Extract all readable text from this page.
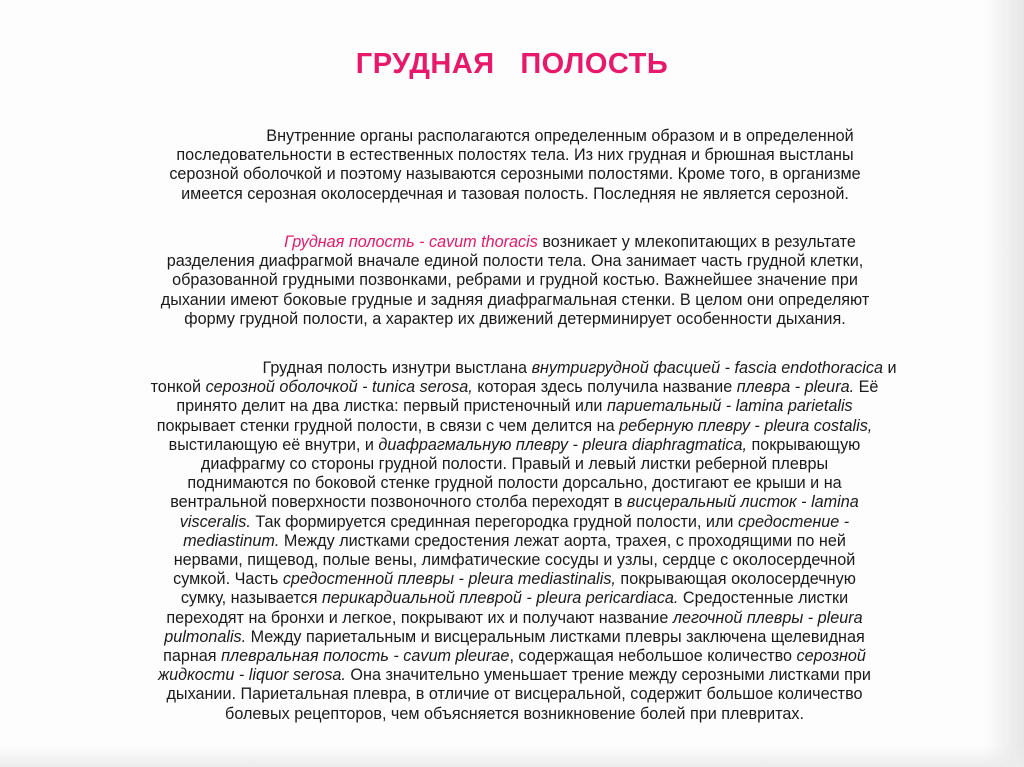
ГРУДНАЯ   ПОЛОСТЬ
Внутренние органы располагаются определенным образом и в определенной
последовательности в естественных полостях тела. Из них грудная и брюшная выстланы
серозной оболочкой и поэтому называются серозными полостями. Кроме того, в организме
имеется серозная околосердечная и тазовая полость. Последняя не является серозной.
Грудная полость - cavum thoracis возникает у млекопитающих в результате
разделения диафрагмой вначале единой полости тела. Она занимает часть грудной клетки,
образованной грудными позвонками, ребрами и грудной костью. Важнейшее значение при
дыхании имеют боковые грудные и задняя диафрагмальная стенки. В целом они определяют
форму грудной полости, а характер их движений детерминирует особенности дыхания.
Грудная полость изнутри выстлана внутригрудной фасцией - fascia endothoracica и
тонкой серозной оболочкой - tunica serosa, которая здесь получила название плевра - pleura. Её
принято делит на два листка: первый пристеночный или париетальный - lamina parietalis
покрывает стенки грудной полости, в связи с чем делится на реберную плевру - pleura costalis,
выстилающую её внутри, и диафрагмальную плевру - pleura diaphragmatica, покрывающую
диафрагму со стороны грудной полости. Правый и левый листки реберной плевры
поднимаются по боковой стенке грудной полости дорсально, достигают ее крыши и на
вентральной поверхности позвоночного столба переходят в висцеральный листок - lamina
visceralis. Так формируется срединная перегородка грудной полости, или средостение -
mediastinum. Между листками средостения лежат аорта, трахея, с проходящими по ней
нервами, пищевод, полые вены, лимфатические сосуды и узлы, сердце с околосердечной
сумкой. Часть средостенной плевры - pleura mediastinalis, покрывающая околосердечную
сумку, называется перикардиальной плеврой - pleura pericardiaca. Средостенные листки
переходят на бронхи и легкое, покрывают их и получают название легочной плевры - pleura
pulmonalis. Между париетальным и висцеральным листками плевры заключена щелевидная
парная плевральная полость - cavum pleurae, содержащая небольшое количество серозной
жидкости - liquor serosa. Она значительно уменьшает трение между серозными листками при
дыхании. Париетальная плевра, в отличие от висцеральной, содержит большое количество
болевых рецепторов, чем объясняется возникновение болей при плевритах.
